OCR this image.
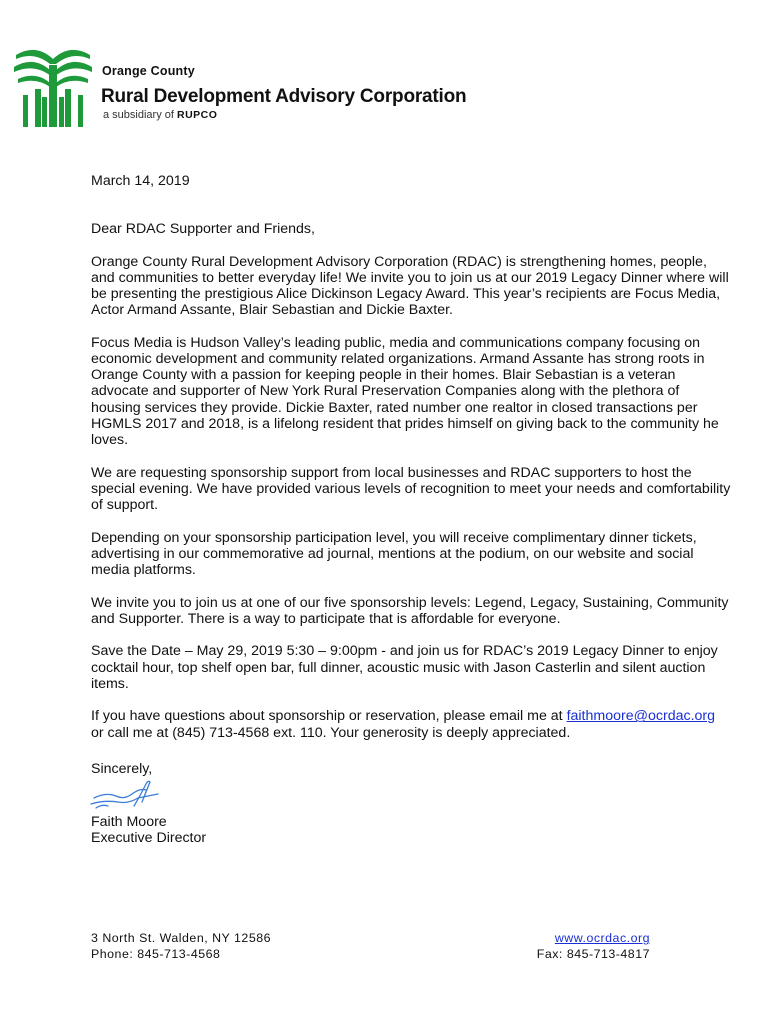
Orange County
Rural Development Advisory Corporation
a subsidiary of RUPCO
March 14, 2019

Dear RDAC Supporter and Friends,

Orange County Rural Development Advisory Corporation (RDAC) is strengthening homes, people, and communities to better everyday life! We invite you to join us at our 2019 Legacy Dinner where will be presenting the prestigious Alice Dickinson Legacy Award. This year’s recipients are Focus Media, Actor Armand Assante, Blair Sebastian and Dickie Baxter.

Focus Media is Hudson Valley’s leading public, media and communications company focusing on economic development and community related organizations. Armand Assante has strong roots in Orange County with a passion for keeping people in their homes. Blair Sebastian is a veteran advocate and supporter of New York Rural Preservation Companies along with the plethora of housing services they provide. Dickie Baxter, rated number one realtor in closed transactions per HGMLS 2017 and 2018, is a lifelong resident that prides himself on giving back to the community he loves.

We are requesting sponsorship support from local businesses and RDAC supporters to host the special evening. We have provided various levels of recognition to meet your needs and comfortability of support.

Depending on your sponsorship participation level, you will receive complimentary dinner tickets, advertising in our commemorative ad journal, mentions at the podium, on our website and social media platforms.

We invite you to join us at one of our five sponsorship levels: Legend, Legacy, Sustaining, Community and Supporter. There is a way to participate that is affordable for everyone.

Save the Date – May 29, 2019 5:30 – 9:00pm - and join us for RDAC’s 2019 Legacy Dinner to enjoy cocktail hour, top shelf open bar, full dinner, acoustic music with Jason Casterlin and silent auction items.

If you have questions about sponsorship or reservation, please email me at faithmoore@ocrdac.org or call me at (845) 713-4568 ext. 110. Your generosity is deeply appreciated.

Sincerely,
Faith Moore
Executive Director
3 North St. Walden, NY 12586
Phone: 845-713-4568
www.ocrdac.org
Fax: 845-713-4817
